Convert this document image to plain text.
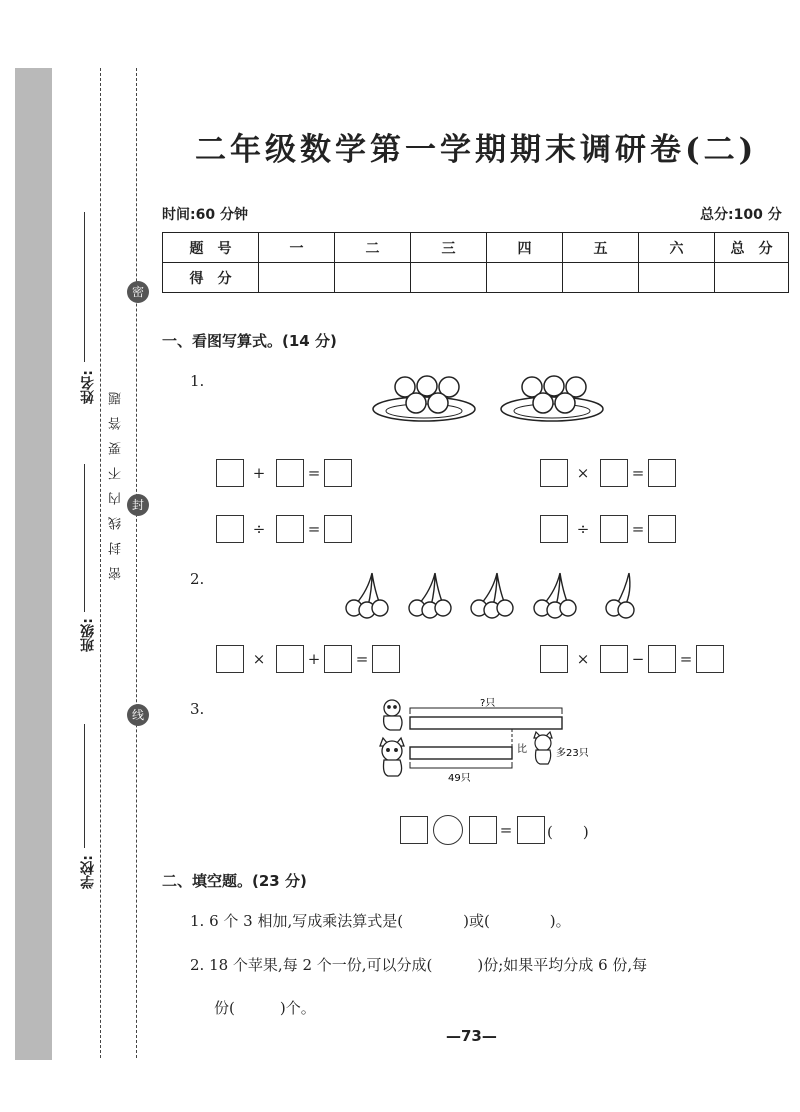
密
封
线
学校:
班级:
姓名: 密封线内不要答题
二年级数学第一学期期末调研卷(二)
时间:60 分钟	总分:100 分
题　号	一	二	三	四	五	六	总　分
得　分							
一、看图写算式。(14 分)
1.
+	=	×	=
÷	=	÷	=
2.
×	+ =	×	− =
3.	?只
比	多23只
49只
= (　　)
二、填空题。(23 分)
1. 6 个 3 相加,写成乘法算式是(　　　　)或(　　　　)。
2. 18 个苹果,每 2 个一份,可以分成(　　　)份;如果平均分成 6 份,每
份(　　　)个。
—73—
